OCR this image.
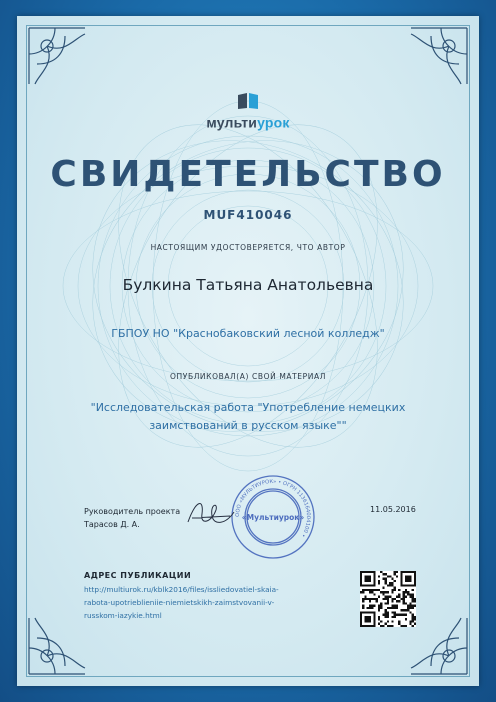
мультиурок
СВИДЕТЕЛЬСТВО
MUF410046
НАСТОЯЩИМ УДОСТОВЕРЯЕТСЯ, ЧТО АВТОР
Булкина Татьяна Анатольевна
ГБПОУ НО "Краснобаковский лесной колледж"
ОПУБЛИКОВАЛ(А) СВОЙ МАТЕРИАЛ
"Исследовательская работа "Употребление немецких заимствований в русском языке""
ООО «МУЛЬТИУРОК» • ОГРН 1136164004100 •
«Мультиурок»
Руководитель проекта
Тарасов Д. А.
11.05.2016
АДРЕС ПУБЛИКАЦИИ
http://multiurok.ru/kblk2016/files/issliedovatiel-skaia-
rabota-upotrieblieniie-niemietskikh-zaimstvovanii-v-
russkom-iazykie.html
